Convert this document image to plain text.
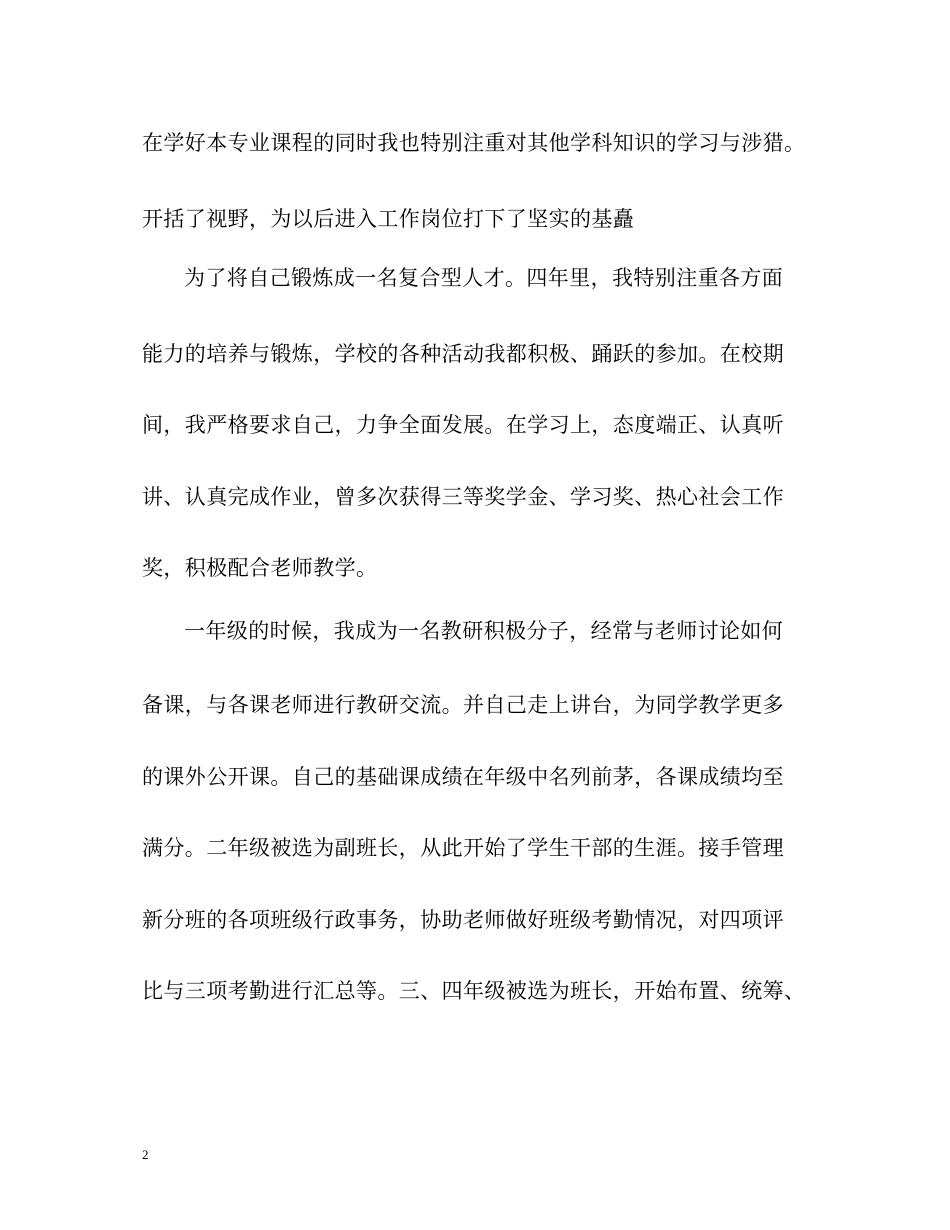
在学好本专业课程的同时我也特别注重对其他学科知识的学习与涉猎。
开括了视野，为以后进入工作岗位打下了坚实的基矗
为了将自己锻炼成一名复合型人才。四年里，我特别注重各方面
能力的培养与锻炼，学校的各种活动我都积极、踊跃的参加。在校期
间，我严格要求自己，力争全面发展。在学习上，态度端正、认真听
讲、认真完成作业，曾多次获得三等奖学金、学习奖、热心社会工作
奖，积极配合老师教学。
一年级的时候，我成为一名教研积极分子，经常与老师讨论如何
备课，与各课老师进行教研交流。并自己走上讲台，为同学教学更多
的课外公开课。自己的基础课成绩在年级中名列前茅，各课成绩均至
满分。二年级被选为副班长，从此开始了学生干部的生涯。接手管理
新分班的各项班级行政事务，协助老师做好班级考勤情况，对四项评
比与三项考勤进行汇总等。三、四年级被选为班长，开始布置、统筹、
2
